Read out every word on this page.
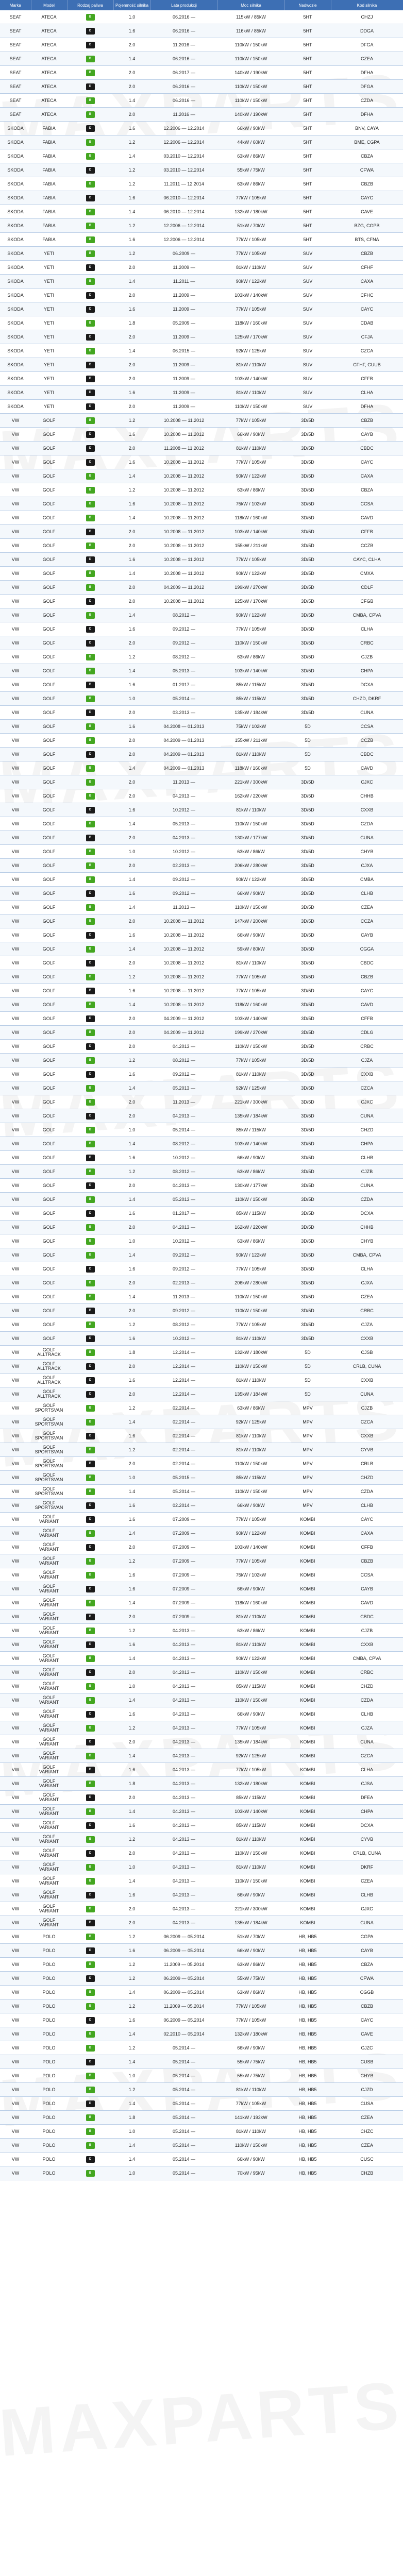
Marka	Model	Rodzaj paliwa	Pojemność silnika	Lata produkcji	Moc silnika	Nadwozie	Kod silnika
SEAT	ATECA	B	1.0	06.2016 —	115kW / 85kW	5HT	CHZJ
SEAT	ATECA	D	1.6	06.2016 —	116kW / 85kW	5HT	DDGA
SEAT	ATECA	D	2.0	11.2016 —	110kW / 150kW	5HT	DFGA
SEAT	ATECA	B	1.4	06.2016 —	110kW / 150kW	5HT	CZEA
SEAT	ATECA	B	2.0	06.2017 —	140kW / 190kW	5HT	DFHA
SEAT	ATECA	D	2.0	06.2016 —	110kW / 150kW	5HT	DFGA
SEAT	ATECA	B	1.4	06.2016 —	110kW / 150kW	5HT	CZDA
SEAT	ATECA	B	2.0	11.2016 —	140kW / 190kW	5HT	DFHA
SKODA	FABIA	D	1.6	12.2006 — 12.2014	66kW / 90kW	5HT	BNV, CAYA
SKODA	FABIA	B	1.2	12.2006 — 12.2014	44kW / 60kW	5HT	BME, CGPA
SKODA	FABIA	B	1.4	03.2010 — 12.2014	63kW / 86kW	5HT	CBZA
SKODA	FABIA	D	1.2	03.2010 — 12.2014	55kW / 75kW	5HT	CFWA
SKODA	FABIA	B	1.2	11.2011 — 12.2014	63kW / 86kW	5HT	CBZB
SKODA	FABIA	D	1.6	06.2010 — 12.2014	77kW / 105kW	5HT	CAYC
SKODA	FABIA	B	1.4	06.2010 — 12.2014	132kW / 180kW	5HT	CAVE
SKODA	FABIA	B	1.2	12.2006 — 12.2014	51kW / 70kW	5HT	BZG, CGPB
SKODA	FABIA	B	1.6	12.2006 — 12.2014	77kW / 105kW	5HT	BTS, CFNA
SKODA	YETI	B	1.2	06.2009 —	77kW / 105kW	SUV	CBZB
SKODA	YETI	D	2.0	11.2009 —	81kW / 110kW	SUV	CFHF
SKODA	YETI	B	1.4	11.2011 —	90kW / 122kW	SUV	CAXA
SKODA	YETI	D	2.0	11.2009 —	103kW / 140kW	SUV	CFHC
SKODA	YETI	D	1.6	11.2009 —	77kW / 105kW	SUV	CAYC
SKODA	YETI	B	1.8	05.2009 —	118kW / 160kW	SUV	CDAB
SKODA	YETI	D	2.0	11.2009 —	125kW / 170kW	SUV	CFJA
SKODA	YETI	B	1.4	06.2015 —	92kW / 125kW	SUV	CZCA
SKODA	YETI	D	2.0	11.2009 —	81kW / 110kW	SUV	CFHF, CUUB
SKODA	YETI	D	2.0	11.2009 —	103kW / 140kW	SUV	CFFB
SKODA	YETI	D	1.6	11.2009 —	81kW / 110kW	SUV	CLHA
SKODA	YETI	D	2.0	11.2009 —	110kW / 150kW	SUV	DFHA
VW	GOLF	B	1.2	10.2008 — 11.2012	77kW / 105kW	3D/5D	CBZB
VW	GOLF	D	1.6	10.2008 — 11.2012	66kW / 90kW	3D/5D	CAYB
VW	GOLF	D	2.0	11.2008 — 11.2012	81kW / 110kW	3D/5D	CBDC
VW	GOLF	D	1.6	10.2008 — 11.2012	77kW / 105kW	3D/5D	CAYC
VW	GOLF	B	1.4	10.2008 — 11.2012	90kW / 122kW	3D/5D	CAXA
VW	GOLF	B	1.2	10.2008 — 11.2012	63kW / 86kW	3D/5D	CBZA
VW	GOLF	B	1.6	10.2008 — 11.2012	75kW / 102kW	3D/5D	CCSA
VW	GOLF	B	1.4	10.2008 — 11.2012	118kW / 160kW	3D/5D	CAVD
VW	GOLF	D	2.0	10.2008 — 11.2012	103kW / 140kW	3D/5D	CFFB
VW	GOLF	B	2.0	10.2008 — 11.2012	155kW / 211kW	3D/5D	CCZB
VW	GOLF	D	1.6	10.2008 — 11.2012	77kW / 105kW	3D/5D	CAYC, CLHA
VW	GOLF	B	1.4	10.2008 — 11.2012	90kW / 122kW	3D/5D	CMXA
VW	GOLF	B	2.0	04.2009 — 11.2012	199kW / 270kW	3D/5D	CDLF
VW	GOLF	D	2.0	10.2008 — 11.2012	125kW / 170kW	3D/5D	CFGB
VW	GOLF	B	1.4	08.2012 —	90kW / 122kW	3D/5D	CMBA, CPVA
VW	GOLF	D	1.6	09.2012 —	77kW / 105kW	3D/5D	CLHA
VW	GOLF	D	2.0	09.2012 —	110kW / 150kW	3D/5D	CRBC
VW	GOLF	B	1.2	08.2012 —	63kW / 86kW	3D/5D	CJZB
VW	GOLF	B	1.4	05.2013 —	103kW / 140kW	3D/5D	CHPA
VW	GOLF	D	1.6	01.2017 —	85kW / 115kW	3D/5D	DCXA
VW	GOLF	B	1.0	05.2014 —	85kW / 115kW	3D/5D	CHZD, DKRF
VW	GOLF	D	2.0	03.2013 —	135kW / 184kW	3D/5D	CUNA
VW	GOLF	B	1.6	04.2008 — 01.2013	75kW / 102kW	5D	CCSA
VW	GOLF	B	2.0	04.2009 — 01.2013	155kW / 211kW	5D	CCZB
VW	GOLF	D	2.0	04.2009 — 01.2013	81kW / 110kW	5D	CBDC
VW	GOLF	B	1.4	04.2009 — 01.2013	118kW / 160kW	5D	CAVD
VW	GOLF	B	2.0	11.2013 —	221kW / 300kW	3D/5D	CJXC
VW	GOLF	B	2.0	04.2013 —	162kW / 220kW	3D/5D	CHHB
VW	GOLF	D	1.6	10.2012 —	81kW / 110kW	3D/5D	CXXB
VW	GOLF	B	1.4	05.2013 —	110kW / 150kW	3D/5D	CZDA
VW	GOLF	D	2.0	04.2013 —	130kW / 177kW	3D/5D	CUNA
VW	GOLF	B	1.0	10.2012 —	63kW / 86kW	3D/5D	CHYB
VW	GOLF	B	2.0	02.2013 —	206kW / 280kW	3D/5D	CJXA
VW	GOLF	B	1.4	09.2012 —	90kW / 122kW	3D/5D	CMBA
VW	GOLF	D	1.6	09.2012 —	66kW / 90kW	3D/5D	CLHB
VW	GOLF	B	1.4	11.2013 —	110kW / 150kW	3D/5D	CZEA
VW	GOLF	B	2.0	10.2008 — 11.2012	147kW / 200kW	3D/5D	CCZA
VW	GOLF	D	1.6	10.2008 — 11.2012	66kW / 90kW	3D/5D	CAYB
VW	GOLF	B	1.4	10.2008 — 11.2012	59kW / 80kW	3D/5D	CGGA
VW	GOLF	D	2.0	10.2008 — 11.2012	81kW / 110kW	3D/5D	CBDC
VW	GOLF	B	1.2	10.2008 — 11.2012	77kW / 105kW	3D/5D	CBZB
VW	GOLF	D	1.6	10.2008 — 11.2012	77kW / 105kW	3D/5D	CAYC
VW	GOLF	B	1.4	10.2008 — 11.2012	118kW / 160kW	3D/5D	CAVD
VW	GOLF	D	2.0	04.2009 — 11.2012	103kW / 140kW	3D/5D	CFFB
VW	GOLF	B	2.0	04.2009 — 11.2012	199kW / 270kW	3D/5D	CDLG
VW	GOLF	D	2.0	04.2013 —	110kW / 150kW	3D/5D	CRBC
VW	GOLF	B	1.2	08.2012 —	77kW / 105kW	3D/5D	CJZA
VW	GOLF	D	1.6	09.2012 —	81kW / 110kW	3D/5D	CXXB
VW	GOLF	B	1.4	05.2013 —	92kW / 125kW	3D/5D	CZCA
VW	GOLF	B	2.0	11.2013 —	221kW / 300kW	3D/5D	CJXC
VW	GOLF	D	2.0	04.2013 —	135kW / 184kW	3D/5D	CUNA
VW	GOLF	B	1.0	05.2014 —	85kW / 115kW	3D/5D	CHZD
VW	GOLF	B	1.4	08.2012 —	103kW / 140kW	3D/5D	CHPA
VW	GOLF	D	1.6	10.2012 —	66kW / 90kW	3D/5D	CLHB
VW	GOLF	B	1.2	08.2012 —	63kW / 86kW	3D/5D	CJZB
VW	GOLF	D	2.0	04.2013 —	130kW / 177kW	3D/5D	CUNA
VW	GOLF	B	1.4	05.2013 —	110kW / 150kW	3D/5D	CZDA
VW	GOLF	D	1.6	01.2017 —	85kW / 115kW	3D/5D	DCXA
VW	GOLF	B	2.0	04.2013 —	162kW / 220kW	3D/5D	CHHB
VW	GOLF	B	1.0	10.2012 —	63kW / 86kW	3D/5D	CHYB
VW	GOLF	B	1.4	09.2012 —	90kW / 122kW	3D/5D	CMBA, CPVA
VW	GOLF	D	1.6	09.2012 —	77kW / 105kW	3D/5D	CLHA
VW	GOLF	B	2.0	02.2013 —	206kW / 280kW	3D/5D	CJXA
VW	GOLF	B	1.4	11.2013 —	110kW / 150kW	3D/5D	CZEA
VW	GOLF	D	2.0	09.2012 —	110kW / 150kW	3D/5D	CRBC
VW	GOLF	B	1.2	08.2012 —	77kW / 105kW	3D/5D	CJZA
VW	GOLF	D	1.6	10.2012 —	81kW / 110kW	3D/5D	CXXB
VW	GOLF ALLTRACK	B	1.8	12.2014 —	132kW / 180kW	5D	CJSB
VW	GOLF ALLTRACK	D	2.0	12.2014 —	110kW / 150kW	5D	CRLB, CUNA
VW	GOLF ALLTRACK	D	1.6	12.2014 —	81kW / 110kW	5D	CXXB
VW	GOLF ALLTRACK	D	2.0	12.2014 —	135kW / 184kW	5D	CUNA
VW	GOLF SPORTSVAN	B	1.2	02.2014 —	63kW / 86kW	MPV	CJZB
VW	GOLF SPORTSVAN	B	1.4	02.2014 —	92kW / 125kW	MPV	CZCA
VW	GOLF SPORTSVAN	D	1.6	02.2014 —	81kW / 110kW	MPV	CXXB
VW	GOLF SPORTSVAN	B	1.2	02.2014 —	81kW / 110kW	MPV	CYVB
VW	GOLF SPORTSVAN	D	2.0	02.2014 —	110kW / 150kW	MPV	CRLB
VW	GOLF SPORTSVAN	B	1.0	05.2015 —	85kW / 115kW	MPV	CHZD
VW	GOLF SPORTSVAN	B	1.4	05.2014 —	110kW / 150kW	MPV	CZDA
VW	GOLF SPORTSVAN	D	1.6	02.2014 —	66kW / 90kW	MPV	CLHB
VW	GOLF VARIANT	D	1.6	07.2009 —	77kW / 105kW	KOMBI	CAYC
VW	GOLF VARIANT	B	1.4	07.2009 —	90kW / 122kW	KOMBI	CAXA
VW	GOLF VARIANT	D	2.0	07.2009 —	103kW / 140kW	KOMBI	CFFB
VW	GOLF VARIANT	B	1.2	07.2009 —	77kW / 105kW	KOMBI	CBZB
VW	GOLF VARIANT	B	1.6	07.2009 —	75kW / 102kW	KOMBI	CCSA
VW	GOLF VARIANT	D	1.6	07.2009 —	66kW / 90kW	KOMBI	CAYB
VW	GOLF VARIANT	B	1.4	07.2009 —	118kW / 160kW	KOMBI	CAVD
VW	GOLF VARIANT	D	2.0	07.2009 —	81kW / 110kW	KOMBI	CBDC
VW	GOLF VARIANT	B	1.2	04.2013 —	63kW / 86kW	KOMBI	CJZB
VW	GOLF VARIANT	D	1.6	04.2013 —	81kW / 110kW	KOMBI	CXXB
VW	GOLF VARIANT	B	1.4	04.2013 —	90kW / 122kW	KOMBI	CMBA, CPVA
VW	GOLF VARIANT	D	2.0	04.2013 —	110kW / 150kW	KOMBI	CRBC
VW	GOLF VARIANT	B	1.0	04.2013 —	85kW / 115kW	KOMBI	CHZD
VW	GOLF VARIANT	B	1.4	04.2013 —	110kW / 150kW	KOMBI	CZDA
VW	GOLF VARIANT	D	1.6	04.2013 —	66kW / 90kW	KOMBI	CLHB
VW	GOLF VARIANT	B	1.2	04.2013 —	77kW / 105kW	KOMBI	CJZA
VW	GOLF VARIANT	D	2.0	04.2013 —	135kW / 184kW	KOMBI	CUNA
VW	GOLF VARIANT	B	1.4	04.2013 —	92kW / 125kW	KOMBI	CZCA
VW	GOLF VARIANT	D	1.6	04.2013 —	77kW / 105kW	KOMBI	CLHA
VW	GOLF VARIANT	B	1.8	04.2013 —	132kW / 180kW	KOMBI	CJSA
VW	GOLF VARIANT	D	2.0	04.2013 —	85kW / 115kW	KOMBI	DFEA
VW	GOLF VARIANT	B	1.4	04.2013 —	103kW / 140kW	KOMBI	CHPA
VW	GOLF VARIANT	D	1.6	04.2013 —	85kW / 115kW	KOMBI	DCXA
VW	GOLF VARIANT	B	1.2	04.2013 —	81kW / 110kW	KOMBI	CYVB
VW	GOLF VARIANT	D	2.0	04.2013 —	110kW / 150kW	KOMBI	CRLB, CUNA
VW	GOLF VARIANT	B	1.0	04.2013 —	81kW / 110kW	KOMBI	DKRF
VW	GOLF VARIANT	B	1.4	04.2013 —	110kW / 150kW	KOMBI	CZEA
VW	GOLF VARIANT	D	1.6	04.2013 —	66kW / 90kW	KOMBI	CLHB
VW	GOLF VARIANT	B	2.0	04.2013 —	221kW / 300kW	KOMBI	CJXC
VW	GOLF VARIANT	D	2.0	04.2013 —	135kW / 184kW	KOMBI	CUNA
VW	POLO	B	1.2	06.2009 — 05.2014	51kW / 70kW	HB, HB5	CGPA
VW	POLO	D	1.6	06.2009 — 05.2014	66kW / 90kW	HB, HB5	CAYB
VW	POLO	B	1.2	11.2009 — 05.2014	63kW / 86kW	HB, HB5	CBZA
VW	POLO	D	1.2	06.2009 — 05.2014	55kW / 75kW	HB, HB5	CFWA
VW	POLO	B	1.4	06.2009 — 05.2014	63kW / 86kW	HB, HB5	CGGB
VW	POLO	B	1.2	11.2009 — 05.2014	77kW / 105kW	HB, HB5	CBZB
VW	POLO	D	1.6	06.2009 — 05.2014	77kW / 105kW	HB, HB5	CAYC
VW	POLO	B	1.4	02.2010 — 05.2014	132kW / 180kW	HB, HB5	CAVE
VW	POLO	B	1.2	05.2014 —	66kW / 90kW	HB, HB5	CJZC
VW	POLO	D	1.4	05.2014 —	55kW / 75kW	HB, HB5	CUSB
VW	POLO	B	1.0	05.2014 —	55kW / 75kW	HB, HB5	CHYB
VW	POLO	B	1.2	05.2014 —	81kW / 110kW	HB, HB5	CJZD
VW	POLO	D	1.4	05.2014 —	77kW / 105kW	HB, HB5	CUSA
VW	POLO	B	1.8	05.2014 —	141kW / 192kW	HB, HB5	CZEA
VW	POLO	B	1.0	05.2014 —	81kW / 110kW	HB, HB5	CHZC
VW	POLO	B	1.4	05.2014 —	110kW / 150kW	HB, HB5	CZEA
VW	POLO	D	1.4	05.2014 —	66kW / 90kW	HB, HB5	CUSC
VW	POLO	B	1.0	05.2014 —	70kW / 95kW	HB, HB5	CHZB
